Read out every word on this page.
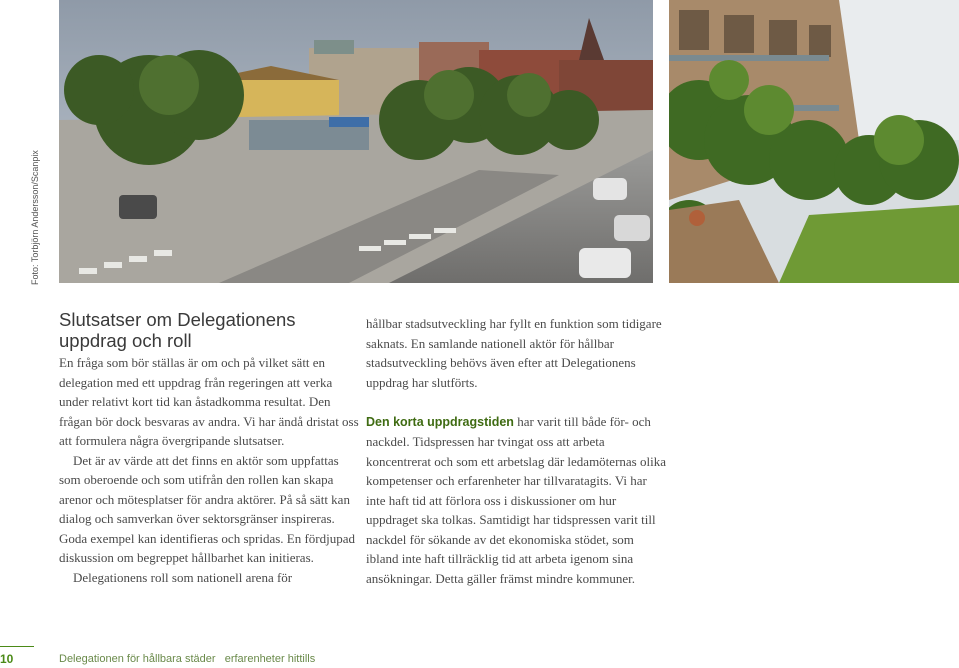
Foto: Torbjörn Andersson/Scanpix
Slutsatser om Delegationens uppdrag och roll

En fråga som bör ställas är om och på vilket sätt en delegation med ett uppdrag från regeringen att verka under relativt kort tid kan åstadkomma resultat. Den frågan bör dock besvaras av andra. Vi har ändå dristat oss att formulera några övergripande slutsatser.

Det är av värde att det finns en aktör som uppfattas som oberoende och som utifrån den rollen kan skapa arenor och mötesplatser för andra aktörer. På så sätt kan dialog och samverkan över sektorsgränser inspireras. Goda exempel kan identifieras och spridas. En fördjupad diskussion om begreppet hållbarhet kan initieras.

Delegationens roll som nationell arena för

hållbar stadsutveckling har fyllt en funktion som tidigare saknats. En samlande nationell aktör för hållbar stadsutveckling behövs även efter att Delegationens uppdrag har slutförts.

Den korta uppdragstiden har varit till både för- och nackdel. Tidspressen har tvingat oss att arbeta koncentrerat och som ett arbetslag där ledamöternas olika kompetenser och erfarenheter har tillvaratagits. Vi har inte haft tid att förlora oss i diskussioner om hur uppdraget ska tolkas. Samtidigt har tidspressen varit till nackdel för sökande av det ekonomiska stödet, som ibland inte haft tillräcklig tid att arbeta igenom sina ansökningar. Detta gäller främst mindre kommuner.

10	Delegationen för hållbara städer   erfarenheter hittills
